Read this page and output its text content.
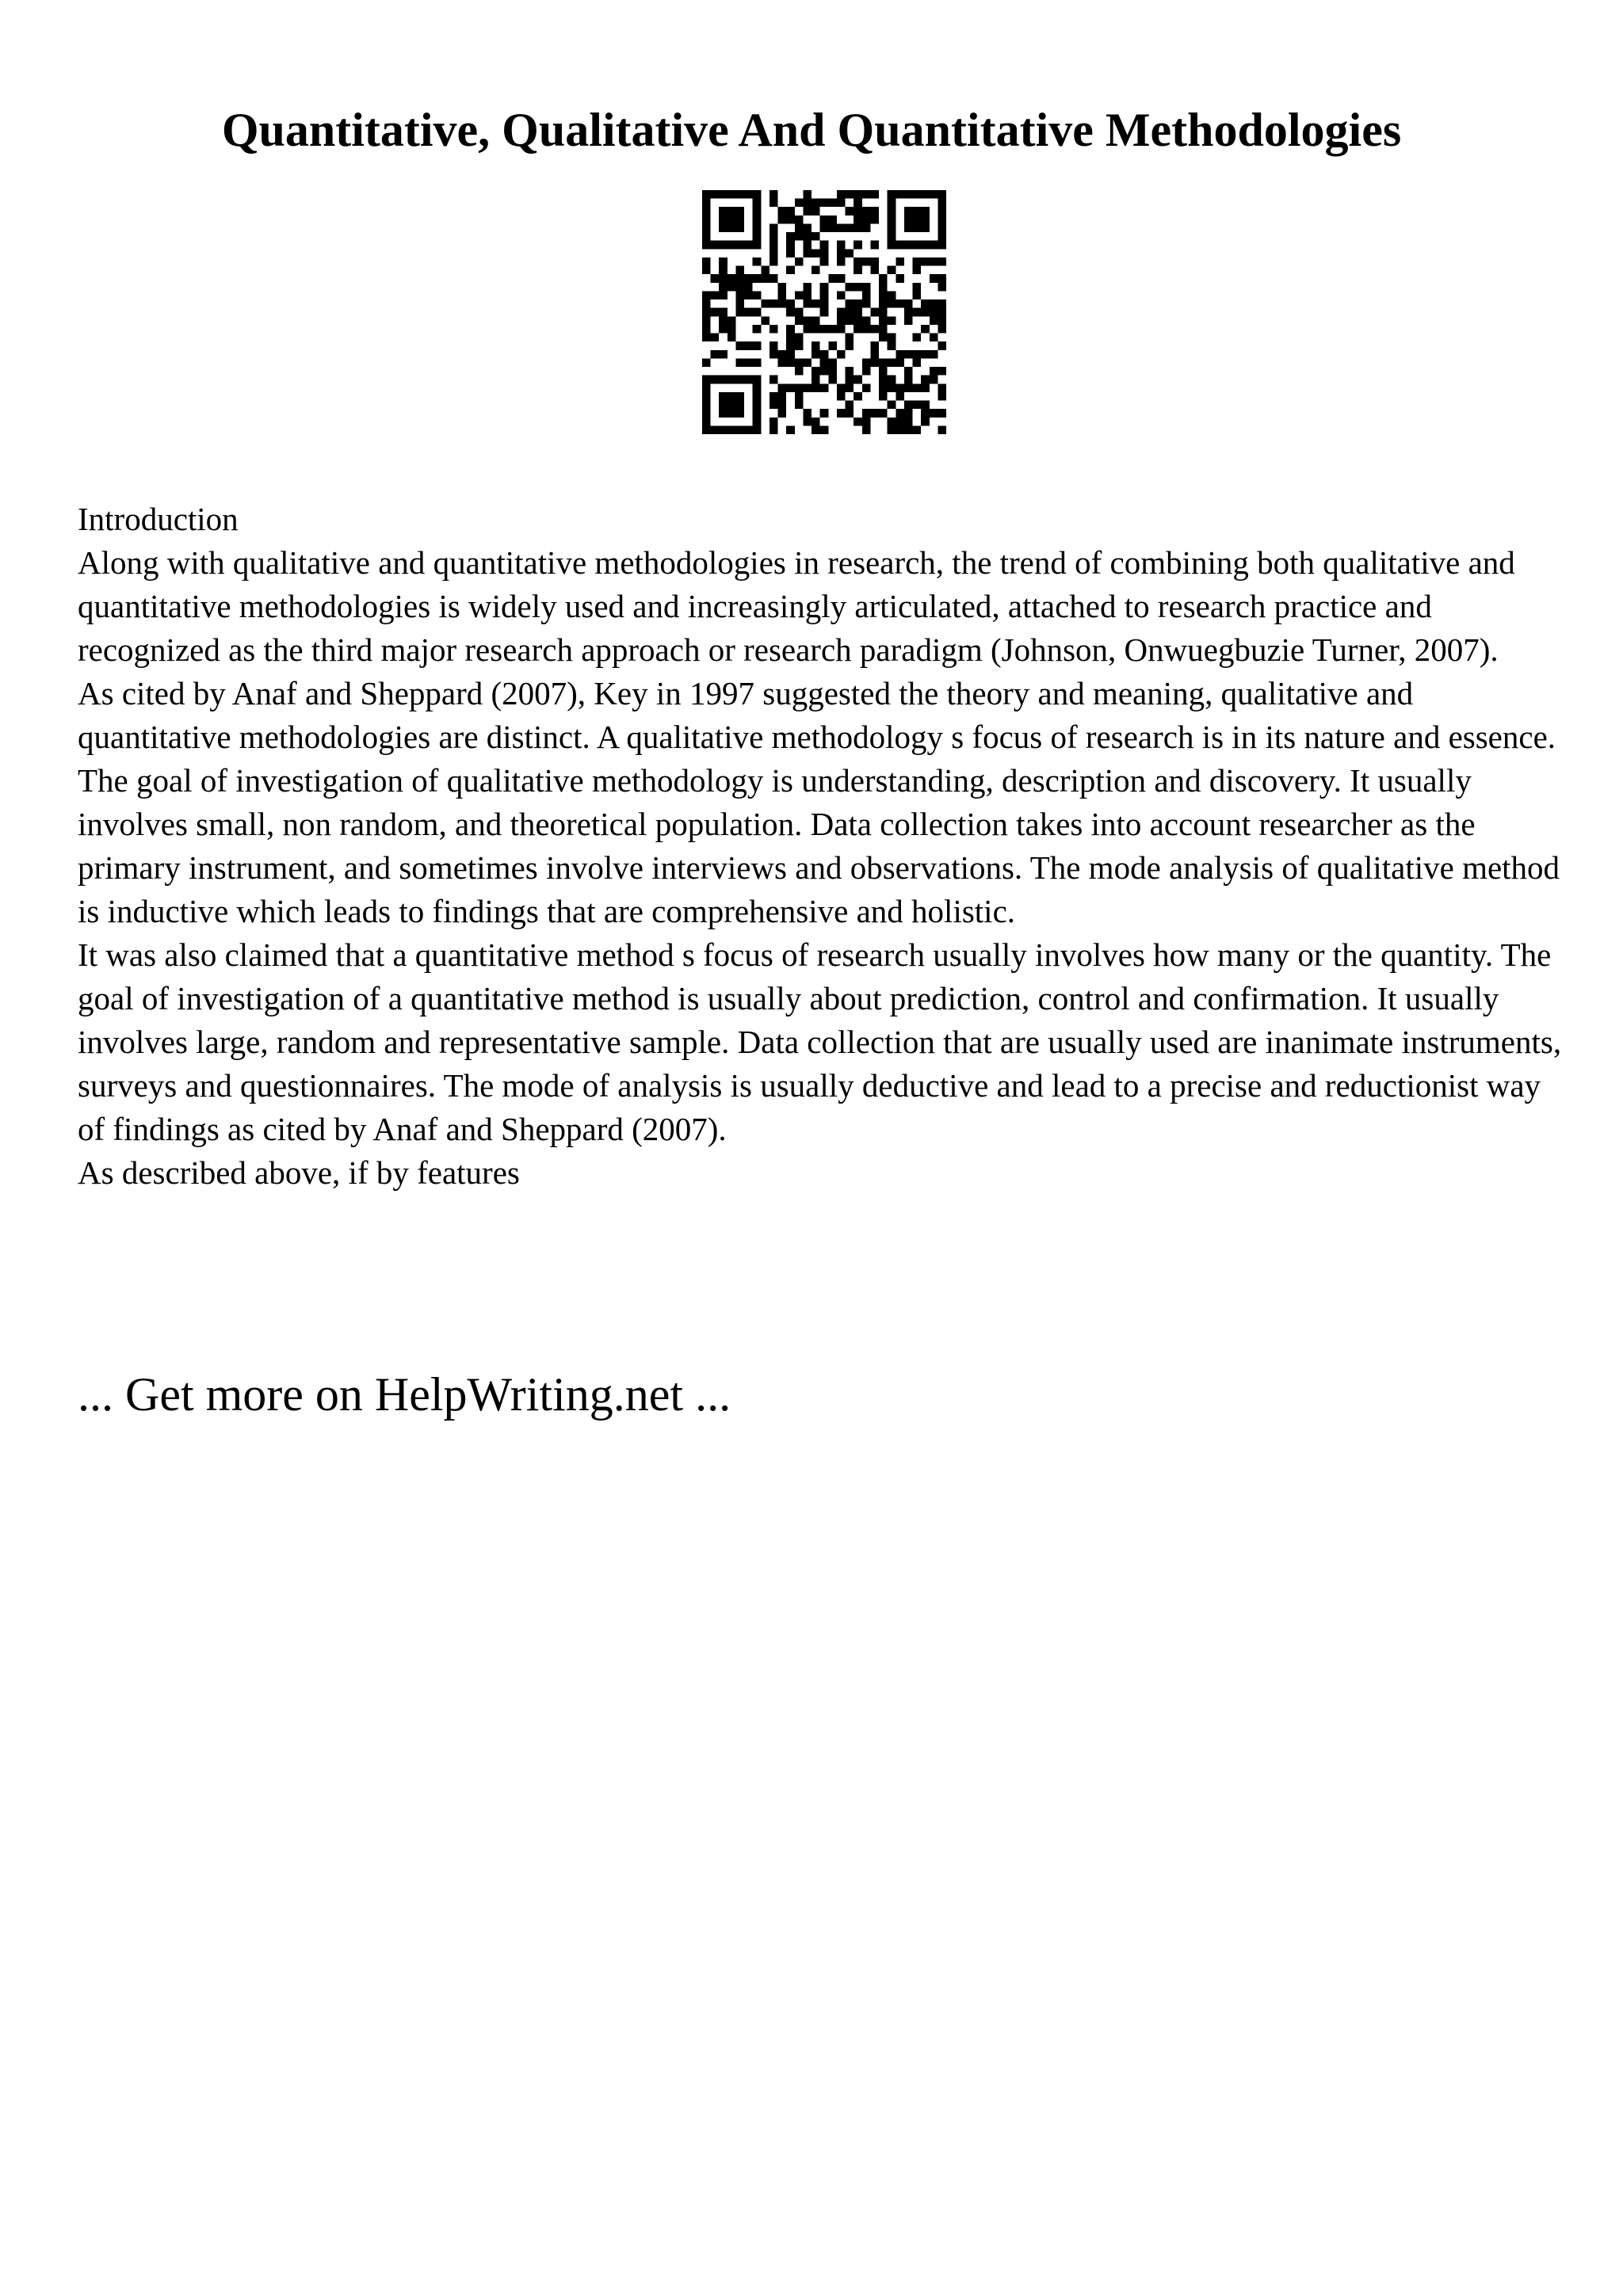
Quantitative, Qualitative And Quantitative Methodologies

Introduction

Along with qualitative and quantitative methodologies in research, the trend of combining both qualitative and quantitative methodologies is widely used and increasingly articulated, attached to research practice and recognized as the third major research approach or research paradigm (Johnson, Onwuegbuzie Turner, 2007).

As cited by Anaf and Sheppard (2007), Key in 1997 suggested the theory and meaning, qualitative and quantitative methodologies are distinct. A qualitative methodology s focus of research is in its nature and essence. The goal of investigation of qualitative methodology is understanding, description and discovery. It usually involves small, non random, and theoretical population. Data collection takes into account researcher as the primary instrument, and sometimes involve interviews and observations. The mode analysis of qualitative method is inductive which leads to findings that are comprehensive and holistic.

It was also claimed that a quantitative method s focus of research usually involves how many or the quantity. The goal of investigation of a quantitative method is usually about prediction, control and confirmation. It usually involves large, random and representative sample. Data collection that are usually used are inanimate instruments, surveys and questionnaires. The mode of analysis is usually deductive and lead to a precise and reductionist way of findings as cited by Anaf and Sheppard (2007).

As described above, if by features

... Get more on HelpWriting.net ...
